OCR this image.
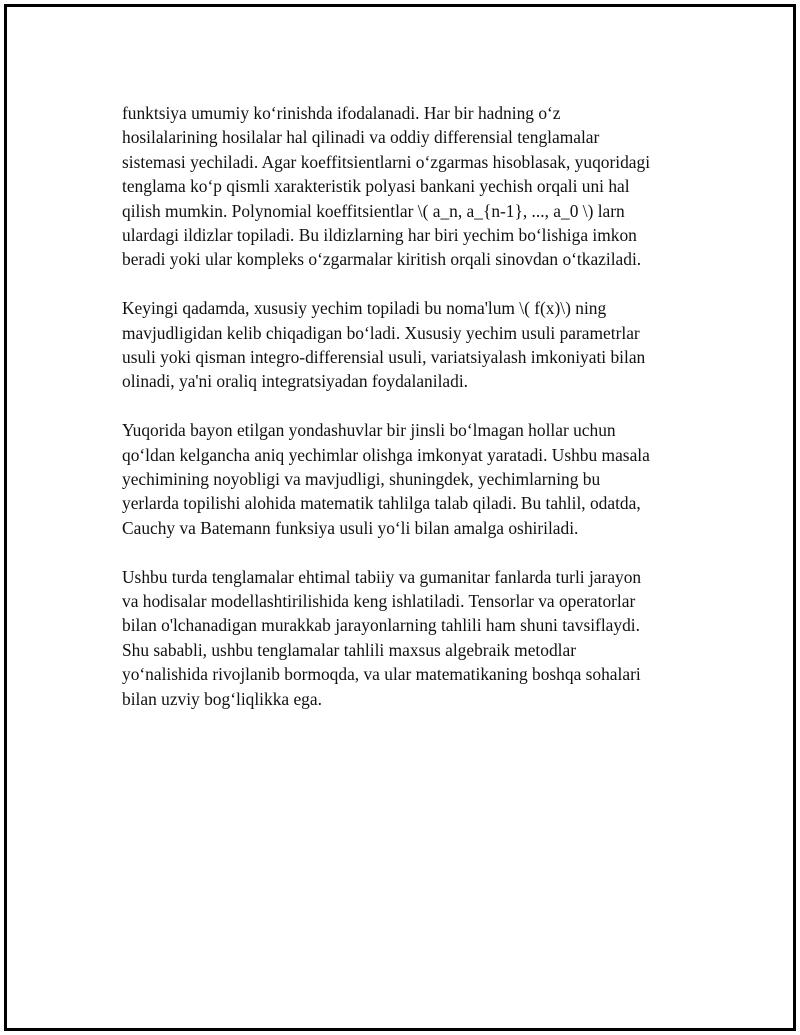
funktsiya umumiy ko‘rinishda ifodalanadi. Har bir hadning o‘z
hosilalarining hosilalar hal qilinadi va oddiy differensial tenglamalar
sistemasi yechiladi. Agar koeffitsientlarni o‘zgarmas hisoblasak, yuqoridagi
tenglama ko‘p qismli xarakteristik polyasi bankani yechish orqali uni hal
qilish mumkin. Polynomial koeffitsientlar \( a_n, a_{n-1}, ..., a_0 \) larn
ulardagi ildizlar topiladi. Bu ildizlarning har biri yechim bo‘lishiga imkon
beradi yoki ular kompleks o‘zgarmalar kiritish orqali sinovdan o‘tkaziladi.

Keyingi qadamda, xususiy yechim topiladi bu noma'lum \( f(x)\) ning
mavjudligidan kelib chiqadigan bo‘ladi. Xususiy yechim usuli parametrlar
usuli yoki qisman integro-differensial usuli, variatsiyalash imkoniyati bilan
olinadi, ya'ni oraliq integratsiyadan foydalaniladi.

Yuqorida bayon etilgan yondashuvlar bir jinsli bo‘lmagan hollar uchun
qo‘ldan kelgancha aniq yechimlar olishga imkonyat yaratadi. Ushbu masala
yechimining noyobligi va mavjudligi, shuningdek, yechimlarning bu
yerlarda topilishi alohida matematik tahlilga talab qiladi. Bu tahlil, odatda,
Cauchy va Batemann funksiya usuli yo‘li bilan amalga oshiriladi.

Ushbu turda tenglamalar ehtimal tabiiy va gumanitar fanlarda turli jarayon
va hodisalar modellashtirilishida keng ishlatiladi. Tensorlar va operatorlar
bilan o'lchanadigan murakkab jarayonlarning tahlili ham shuni tavsiflaydi.
Shu sababli, ushbu tenglamalar tahlili maxsus algebraik metodlar
yo‘nalishida rivojlanib bormoqda, va ular matematikaning boshqa sohalari
bilan uzviy bog‘liqlikka ega.
